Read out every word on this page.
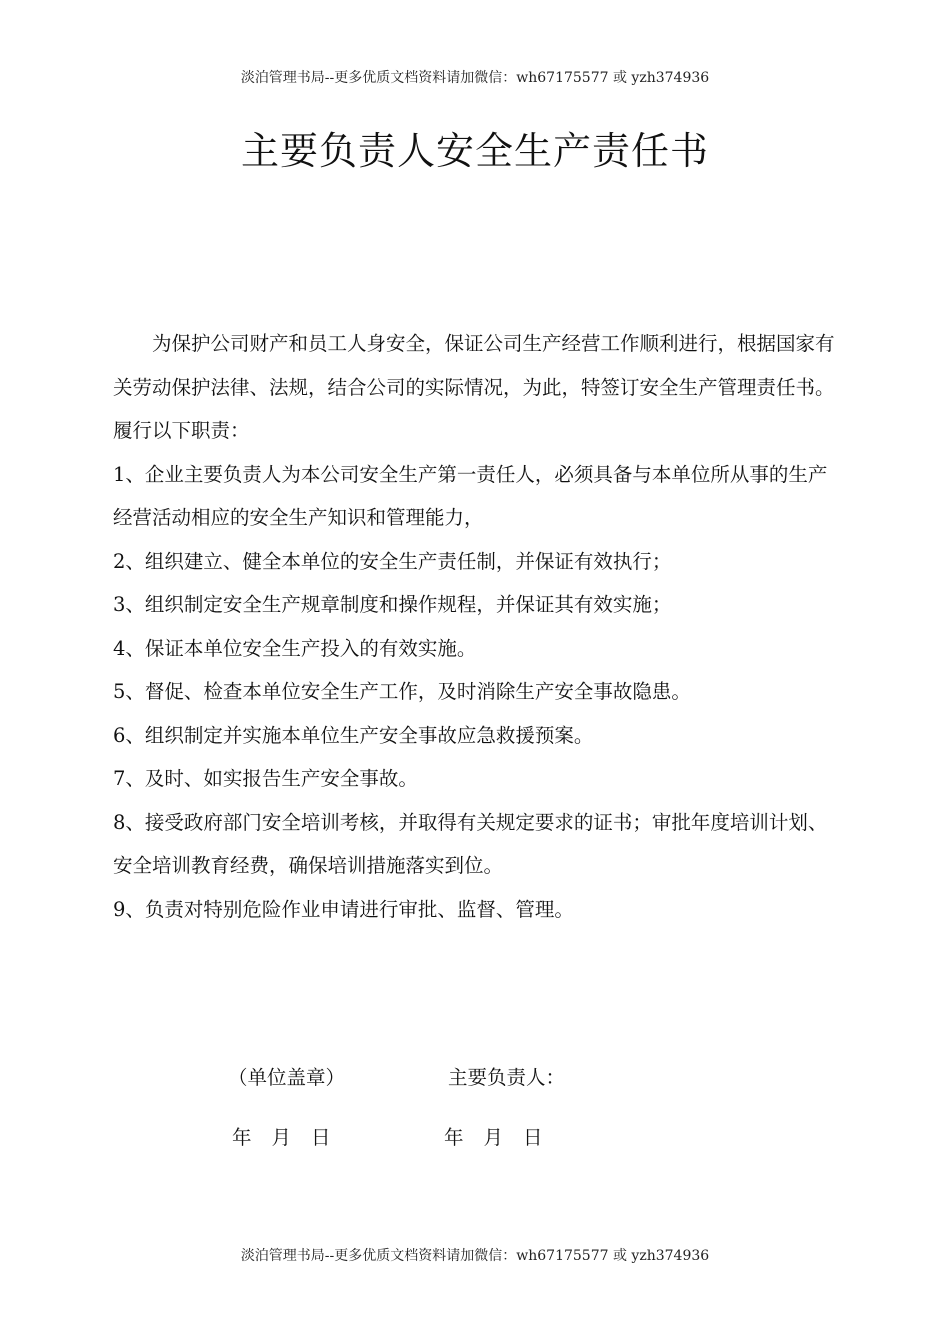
淡泊管理书局--更多优质文档资料请加微信：wh67175577 或 yzh374936
主要负责人安全生产责任书

为保护公司财产和员工人身安全，保证公司生产经营工作顺利进行，根据国家有关劳动保护法律、法规，结合公司的实际情况，为此，特签订安全生产管理责任书。履行以下职责：

1、企业主要负责人为本公司安全生产第一责任人，必须具备与本单位所从事的生产经营活动相应的安全生产知识和管理能力，

2、组织建立、健全本单位的安全生产责任制，并保证有效执行；

3、组织制定安全生产规章制度和操作规程，并保证其有效实施；

4、保证本单位安全生产投入的有效实施。

5、督促、检查本单位安全生产工作，及时消除生产安全事故隐患。

6、组织制定并实施本单位生产安全事故应急救援预案。

7、及时、如实报告生产安全事故。

8、接受政府部门安全培训考核，并取得有关规定要求的证书；审批年度培训计划、安全培训教育经费，确保培训措施落实到位。

9、负责对特别危险作业申请进行审批、监督、管理。

（单位盖章）	主要负责人：
年 月 日	年 月 日
淡泊管理书局--更多优质文档资料请加微信：wh67175577 或 yzh374936
